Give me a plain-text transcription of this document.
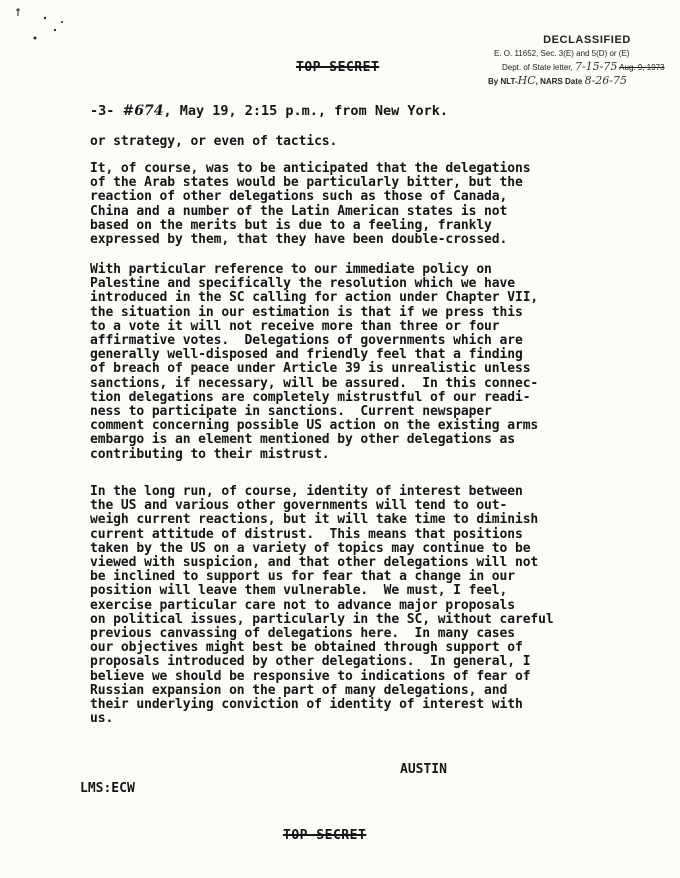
TOP SECRET
DECLASSIFIED
E. O. 11652, Sec. 3(E) and 5(D) or (E)
Dept. of State letter, 7-15-75 Aug. 9, 1973
By NLT-HC, NARS Date 8-26-75
-3- #674, May 19, 2:15 p.m., from New York.
or strategy, or even of tactics.
It, of course, was to be anticipated that the delegations
of the Arab states would be particularly bitter, but the
reaction of other delegations such as those of Canada,
China and a number of the Latin American states is not
based on the merits but is due to a feeling, frankly
expressed by them, that they have been double-crossed.
With particular reference to our immediate policy on
Palestine and specifically the resolution which we have
introduced in the SC calling for action under Chapter VII,
the situation in our estimation is that if we press this
to a vote it will not receive more than three or four
affirmative votes.  Delegations of governments which are
generally well-disposed and friendly feel that a finding
of breach of peace under Article 39 is unrealistic unless
sanctions, if necessary, will be assured.  In this connec-
tion delegations are completely mistrustful of our readi-
ness to participate in sanctions.  Current newspaper
comment concerning possible US action on the existing arms
embargo is an element mentioned by other delegations as
contributing to their mistrust.
In the long run, of course, identity of interest between
the US and various other governments will tend to out-
weigh current reactions, but it will take time to diminish
current attitude of distrust.  This means that positions
taken by the US on a variety of topics may continue to be
viewed with suspicion, and that other delegations will not
be inclined to support us for fear that a change in our
position will leave them vulnerable.  We must, I feel,
exercise particular care not to advance major proposals
on political issues, particularly in the SC, without careful
previous canvassing of delegations here.  In many cases
our objectives might best be obtained through support of
proposals introduced by other delegations.  In general, I
believe we should be responsive to indications of fear of
Russian expansion on the part of many delegations, and
their underlying conviction of identity of interest with
us.
AUSTIN
LMS:ECW
TOP SECRET
